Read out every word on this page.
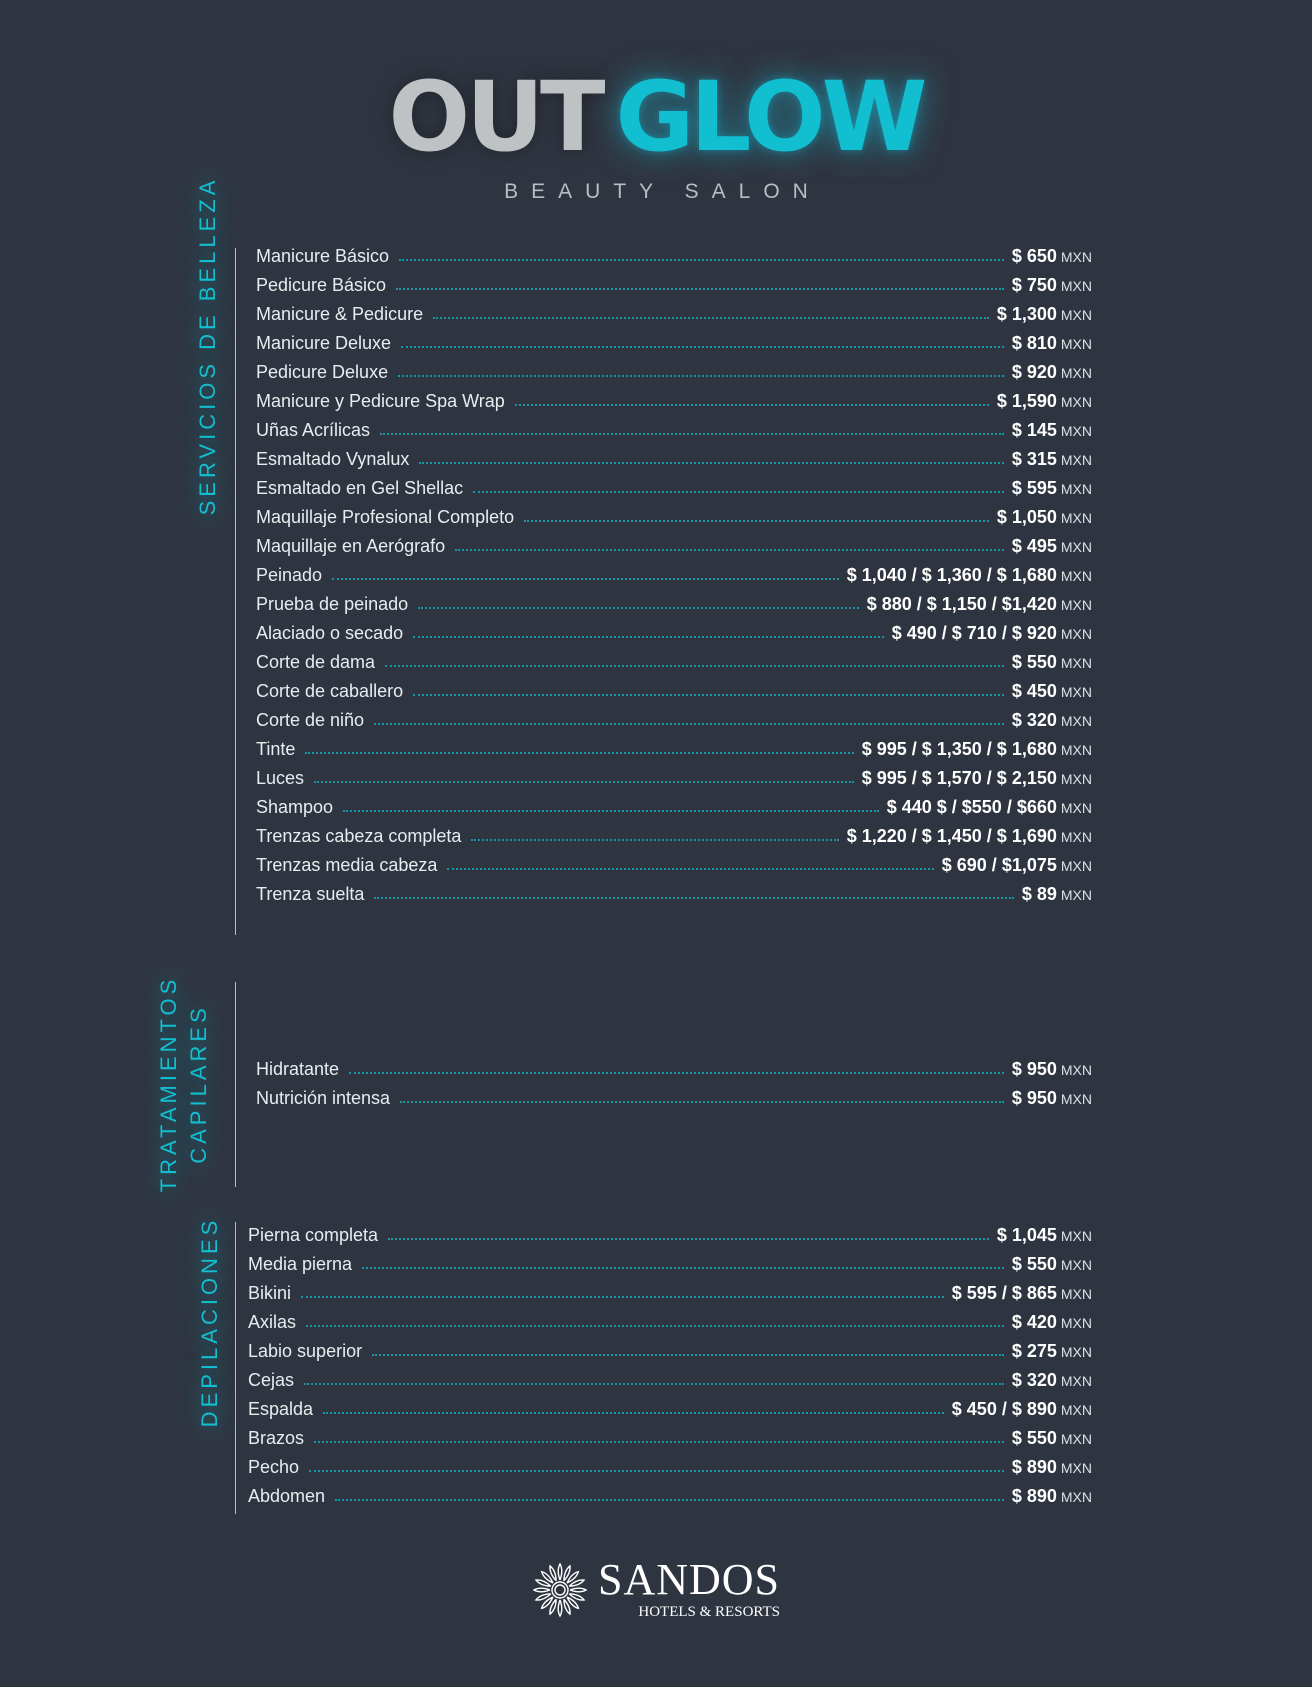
OUT GLOW
BEAUTY SALON
SERVICIOS DE BELLEZA Manicure Básico	$ 650 MXN
Pedicure Básico	$ 750 MXN
Manicure & Pedicure	$ 1,300 MXN
Manicure Deluxe	$ 810 MXN
Pedicure Deluxe	$ 920 MXN
Manicure y Pedicure Spa Wrap	$ 1,590 MXN
Uñas Acrílicas	$ 145 MXN
Esmaltado Vynalux	$ 315 MXN
Esmaltado en Gel Shellac	$ 595 MXN
Maquillaje Profesional Completo	$ 1,050 MXN
Maquillaje en Aerógrafo	$ 495 MXN
Peinado	$ 1,040 / $ 1,360 / $ 1,680 MXN
Prueba de peinado	$ 880 / $ 1,150 / $1,420 MXN
Alaciado o secado	$ 490 / $ 710 / $ 920 MXN
Corte de dama	$ 550 MXN
Corte de caballero	$ 450 MXN
Corte de niño	$ 320 MXN
Tinte	$ 995 / $ 1,350 / $ 1,680 MXN
Luces	$ 995 / $ 1,570 / $ 2,150 MXN
Shampoo	$ 440 $ / $550 / $660 MXN
Trenzas cabeza completa	$ 1,220 / $ 1,450 / $ 1,690 MXN
Trenzas media cabeza	$ 690 / $1,075 MXN
Trenza suelta	$ 89 MXN
TRATAMIENTOS CAPILARES	Hidratante	$ 950 MXN
Nutrición intensa	$ 950 MXN
DEPILACIONES Pierna completa	$ 1,045 MXN
Media pierna	$ 550 MXN
Bikini	$ 595 / $ 865 MXN
Axilas	$ 420 MXN
Labio superior	$ 275 MXN
Cejas	$ 320 MXN
Espalda	$ 450 / $ 890 MXN
Brazos	$ 550 MXN
Pecho	$ 890 MXN
Abdomen	$ 890 MXN
SANDOS
HOTELS & RESORTS
